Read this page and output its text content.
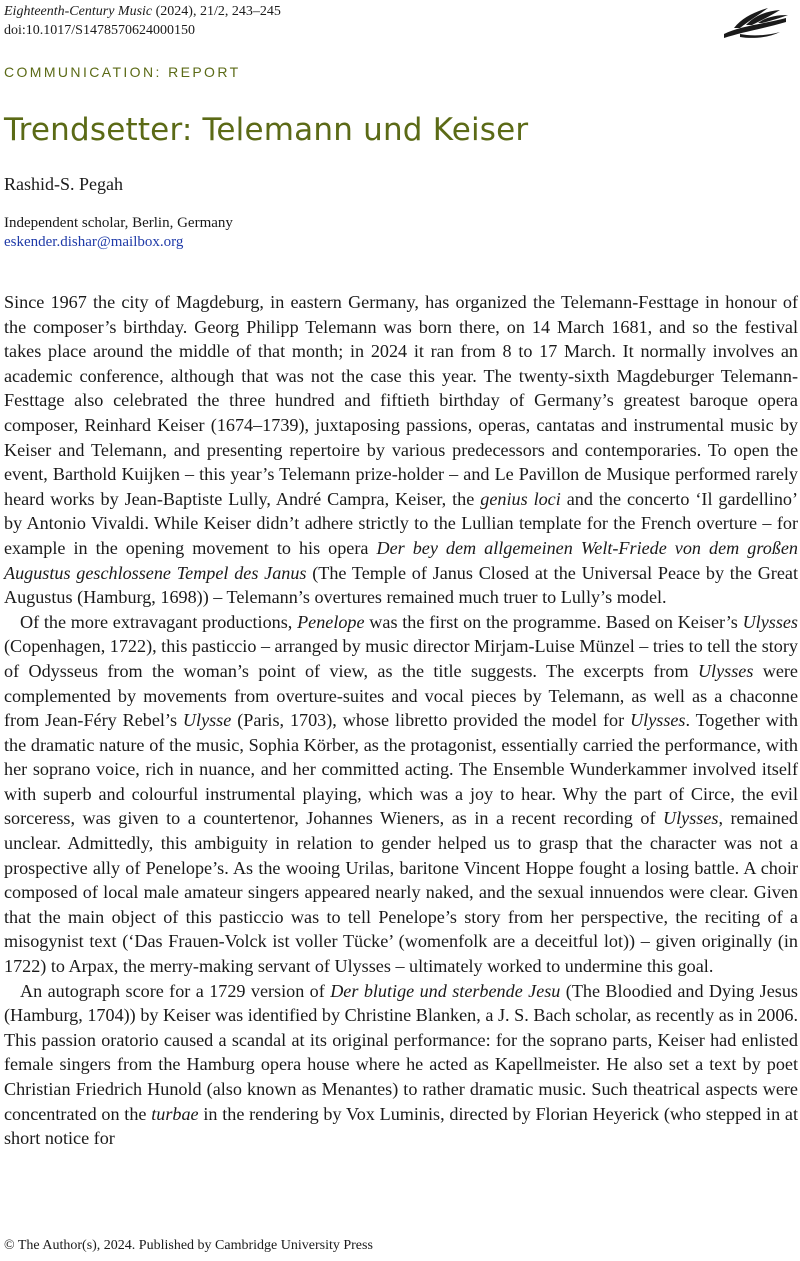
Eighteenth-Century Music (2024), 21/2, 243–245
doi:10.1017/S1478570624000150
COMMUNICATION: REPORT
Trendsetter: Telemann und Keiser
Rashid-S. Pegah
Independent scholar, Berlin, Germany
eskender.dishar@mailbox.org

Since 1967 the city of Magdeburg, in eastern Germany, has organized the Telemann-Festtage in honour of the composer’s birthday. Georg Philipp Telemann was born there, on 14 March 1681, and so the festival takes place around the middle of that month; in 2024 it ran from 8 to 17 March. It normally involves an academic conference, although that was not the case this year. The twenty-sixth Magdeburger Telemann-Festtage also celebrated the three hundred and fiftieth birthday of Germany’s greatest baroque opera composer, Reinhard Keiser (1674–1739), juxtaposing passions, operas, cantatas and instrumental music by Keiser and Telemann, and presenting repertoire by various predecessors and contemporaries. To open the event, Barthold Kuijken – this year’s Telemann prize-holder – and Le Pavillon de Musique performed rarely heard works by Jean-Baptiste Lully, André Campra, Keiser, the genius loci and the concerto ‘Il gardellino’ by Antonio Vivaldi. While Keiser didn’t adhere strictly to the Lullian template for the French overture – for example in the opening movement to his opera Der bey dem allgemeinen Welt-Friede von dem großen Augustus geschlossene Tempel des Janus (The Temple of Janus Closed at the Universal Peace by the Great Augustus (Hamburg, 1698)) – Telemann’s overtures remained much truer to Lully’s model.

Of the more extravagant productions, Penelope was the first on the programme. Based on Keiser’s Ulysses (Copenhagen, 1722), this pasticcio – arranged by music director Mirjam-Luise Münzel – tries to tell the story of Odysseus from the woman’s point of view, as the title suggests. The excerpts from Ulysses were complemented by movements from overture-suites and vocal pieces by Telemann, as well as a chaconne from Jean-Féry Rebel’s Ulysse (Paris, 1703), whose libretto provided the model for Ulysses. Together with the dramatic nature of the music, Sophia Körber, as the protagonist, essentially carried the performance, with her soprano voice, rich in nuance, and her committed acting. The Ensemble Wunderkammer involved itself with superb and colourful instrumental playing, which was a joy to hear. Why the part of Circe, the evil sorceress, was given to a countertenor, Johannes Wieners, as in a recent recording of Ulysses, remained unclear. Admittedly, this ambiguity in relation to gender helped us to grasp that the character was not a prospective ally of Penelope’s. As the wooing Urilas, baritone Vincent Hoppe fought a losing battle. A choir composed of local male amateur singers appeared nearly naked, and the sexual innuendos were clear. Given that the main object of this pasticcio was to tell Penelope’s story from her perspective, the reciting of a misogynist text (‘Das Frauen-Volck ist voller Tücke’ (womenfolk are a deceitful lot)) – given originally (in 1722) to Arpax, the merry-making servant of Ulysses – ultimately worked to undermine this goal.

An autograph score for a 1729 version of Der blutige und sterbende Jesu (The Bloodied and Dying Jesus (Hamburg, 1704)) by Keiser was identified by Christine Blanken, a J. S. Bach scholar, as recently as in 2006. This passion oratorio caused a scandal at its original performance: for the soprano parts, Keiser had enlisted female singers from the Hamburg opera house where he acted as Kapellmeister. He also set a text by poet Christian Friedrich Hunold (also known as Menantes) to rather dramatic music. Such theatrical aspects were concentrated on the turbae in the rendering by Vox Luminis, directed by Florian Heyerick (who stepped in at short notice for

© The Author(s), 2024. Published by Cambridge University Press
